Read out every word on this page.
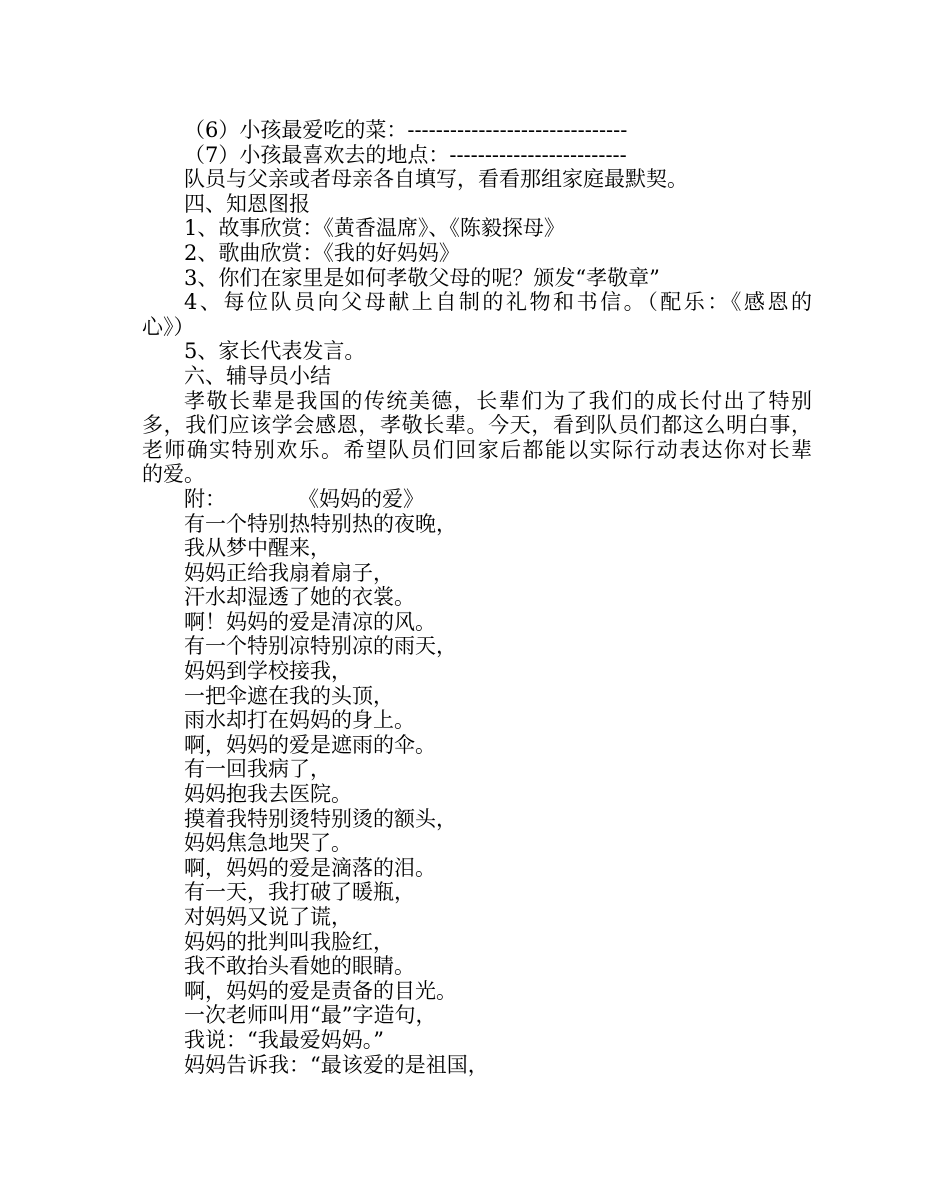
（6）小孩最爱吃的菜：-------------------------------
（7）小孩最喜欢去的地点：-------------------------
队员与父亲或者母亲各自填写，看看那组家庭最默契。
四、知恩图报
1、故事欣赏：《黄香温席》、《陈毅探母》
2、歌曲欣赏：《我的好妈妈》
3、你们在家里是如何孝敬父母的呢？颁发“孝敬章”
4、每位队员向父母献上自制的礼物和书信。（配乐：《感恩的
心》）
5、家长代表发言。
六、辅导员小结
孝敬长辈是我国的传统美德，长辈们为了我们的成长付出了特别
多，我们应该学会感恩，孝敬长辈。今天，看到队员们都这么明白事，
老师确实特别欢乐。希望队员们回家后都能以实际行动表达你对长辈
的爱。
附：	《妈妈的爱》
有一个特别热特别热的夜晚，
我从梦中醒来，
妈妈正给我扇着扇子，
汗水却湿透了她的衣裳。
啊！妈妈的爱是清凉的风。
有一个特别凉特别凉的雨天，
妈妈到学校接我，
一把伞遮在我的头顶，
雨水却打在妈妈的身上。
啊，妈妈的爱是遮雨的伞。
有一回我病了，
妈妈抱我去医院。
摸着我特别烫特别烫的额头，
妈妈焦急地哭了。
啊，妈妈的爱是滴落的泪。
有一天，我打破了暖瓶，
对妈妈又说了谎，
妈妈的批判叫我脸红，
我不敢抬头看她的眼睛。
啊，妈妈的爱是责备的目光。
一次老师叫用“最”字造句，
我说：“我最爱妈妈。”
妈妈告诉我：“最该爱的是祖国，
